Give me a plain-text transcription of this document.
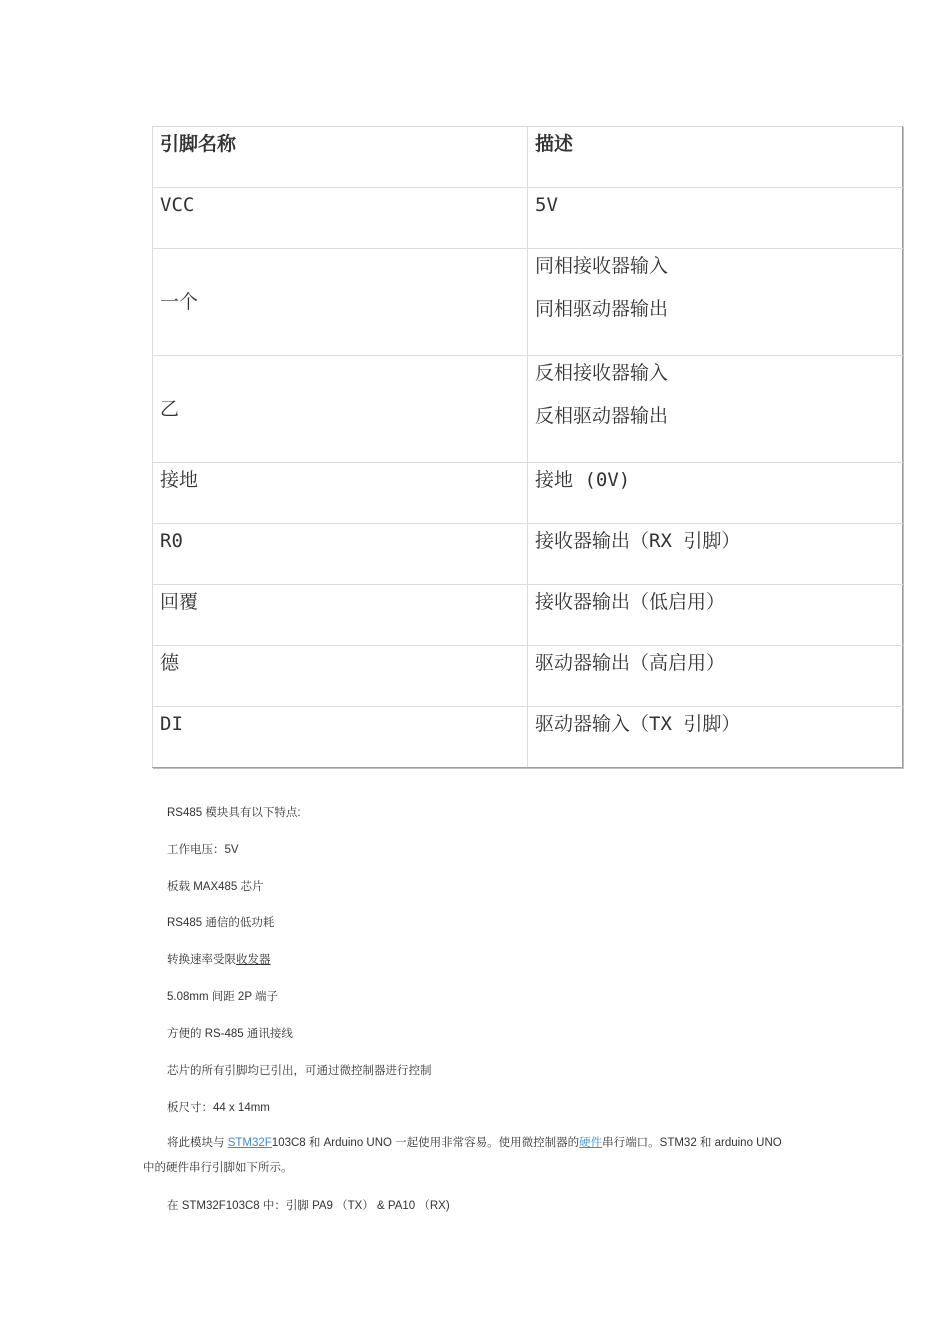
引脚名称	描述

VCC	5V

一个	同相接收器输入
同相驱动器输出

乙	反相接收器输入
反相驱动器输出

接地	接地 (0V)

R0	接收器输出（RX 引脚）

回覆	接收器输出（低启用）

德	驱动器输出（高启用）

DI	驱动器输入（TX 引脚）
RS485 模块具有以下特点:
工作电压：5V
板载 MAX485 芯片
RS485 通信的低功耗
转换速率受限收发器
5.08mm 间距 2P 端子
方便的 RS-485 通讯接线
芯片的所有引脚均已引出，可通过微控制器进行控制
板尺寸：44 x 14mm
将此模块与 STM32F103C8 和 Arduino UNO 一起使用非常容易。使用微控制器的硬件串行端口。STM32 和 arduino UNO 中的硬件串行引脚如下所示。
在 STM32F103C8 中：引脚 PA9 （TX） & PA10 （RX)
